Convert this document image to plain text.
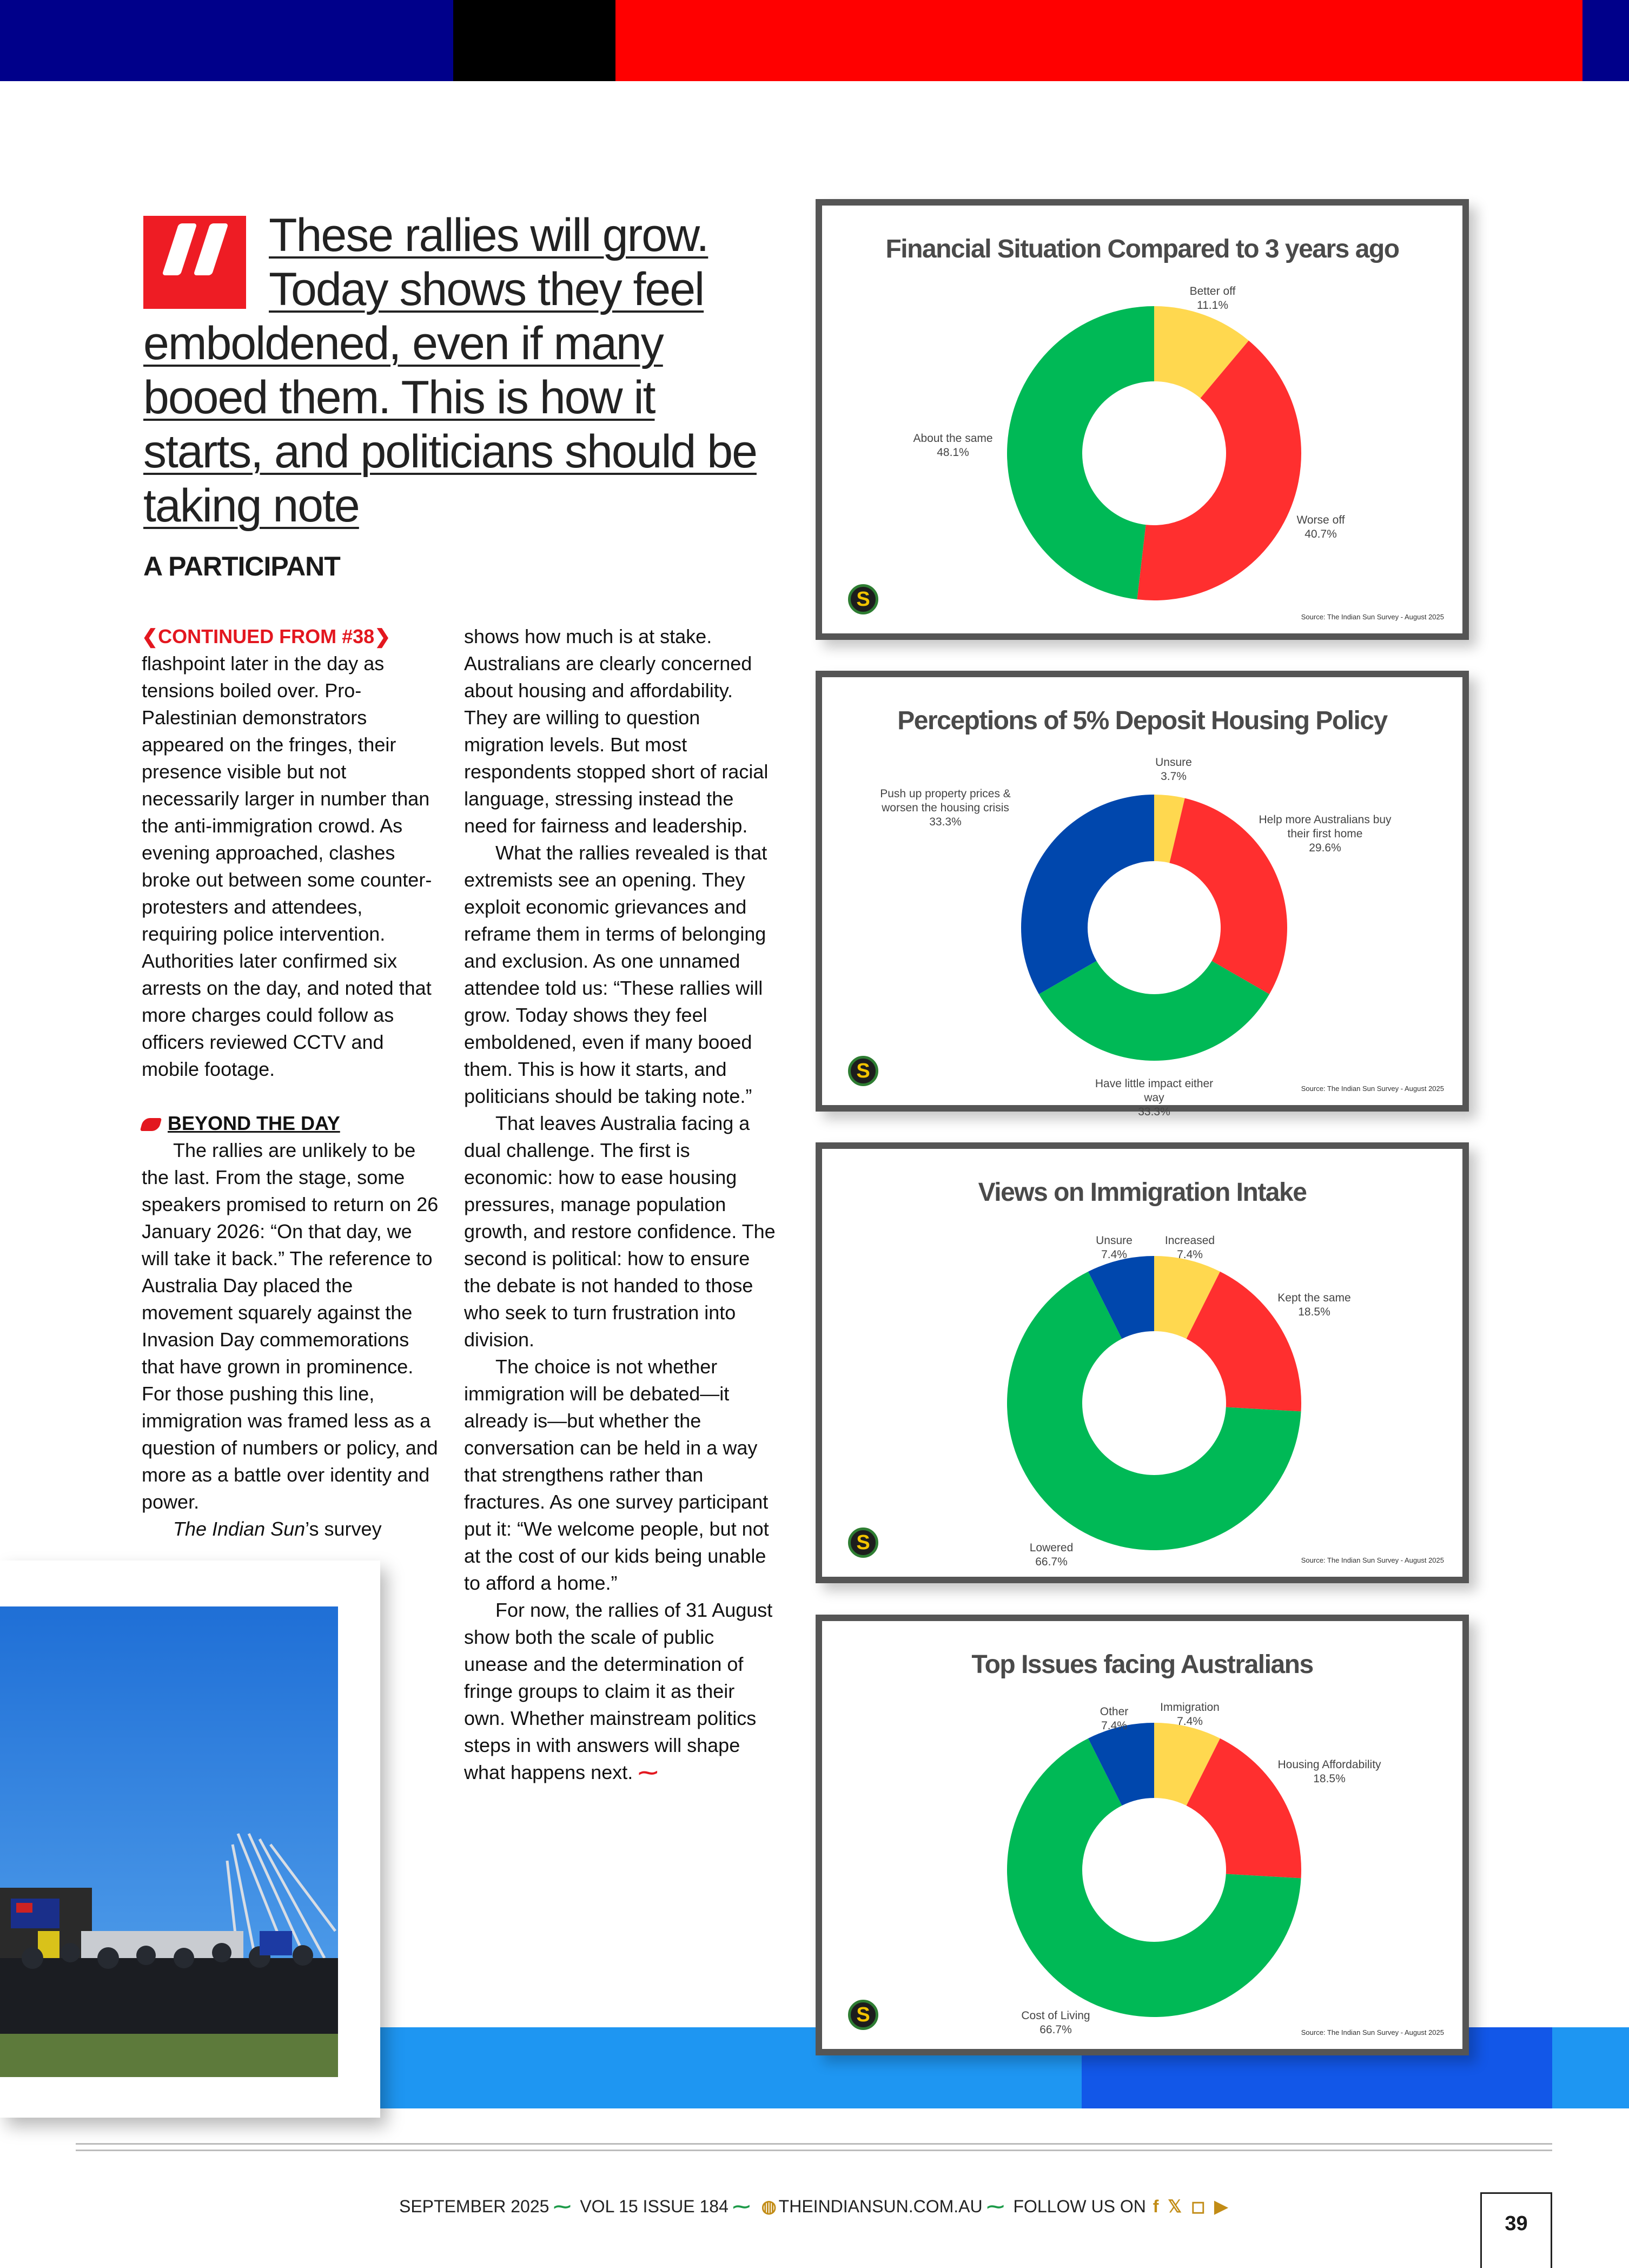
These rallies will grow. Today shows they feel emboldened, even if many booed them. This is how it starts, and politicians should be taking note

A PARTICIPANT

❮CONTINUED FROM #38❯

flashpoint later in the day as tensions boiled over. Pro-Palestinian demonstrators appeared on the fringes, their presence visible but not necessarily larger in number than the anti-immigration crowd. As evening approached, clashes broke out between some counter-protesters and attendees, requiring police intervention. Authorities later confirmed six arrests on the day, and noted that more charges could follow as officers reviewed CCTV and mobile footage.

BEYOND THE DAY

The rallies are unlikely to be the last. From the stage, some speakers promised to return on 26 January 2026: “On that day, we will take it back.” The reference to Australia Day placed the movement squarely against the Invasion Day commemorations that have grown in prominence. For those pushing this line, immigration was framed less as a question of numbers or policy, and more as a battle over identity and power.

The Indian Sun’s survey

shows how much is at stake. Australians are clearly concerned about housing and affordability. They are willing to question migration levels. But most respondents stopped short of racial language, stressing instead the need for fairness and leadership.

What the rallies revealed is that extremists see an opening. They exploit economic grievances and reframe them in terms of belonging and exclusion. As one unnamed attendee told us: “These rallies will grow. Today shows they feel emboldened, even if many booed them. This is how it starts, and politicians should be taking note.”

That leaves Australia facing a dual challenge. The first is economic: how to ease housing pressures, manage population growth, and restore confidence. The second is political: how to ensure the debate is not handed to those who seek to turn frustration into division.

The choice is not whether immigration will be debated—it already is—but whether the conversation can be held in a way that strengthens rather than fractures. As one survey participant put it: “We welcome people, but not at the cost of our kids being unable to afford a home.”

For now, the rallies of 31 August show both the scale of public unease and the determination of fringe groups to claim it as their own. Whether mainstream politics steps in with answers will shape what happens next. ⁓

Financial Situation Compared to 3 years ago
Better off 11.1%
Worse off 40.7%
About the same 48.1%
Source: The Indian Sun Survey - August 2025
S
Perceptions of 5% Deposit Housing Policy
Unsure 3.7%
Help more Australians buy their first home 29.6%
Have little impact either way 33.3%
Push up property prices & worsen the housing crisis 33.3%
Source: The Indian Sun Survey - August 2025
S
Views on Immigration Intake
Increased 7.4%
Kept the same 18.5%
Lowered 66.7%
Unsure 7.4%
Source: The Indian Sun Survey - August 2025
S
Top Issues facing Australians
Immigration 7.4%
Housing Affordability 18.5%
Cost of Living 66.7%
Other 7.4%
Source: The Indian Sun Survey - August 2025
S
SEPTEMBER 2025 ⁓ VOL 15 ISSUE 184 ⁓ ◍ THEINDIANSUN.COM.AU ⁓ FOLLOW US ON f 𝕏 ◻ ▶
39
